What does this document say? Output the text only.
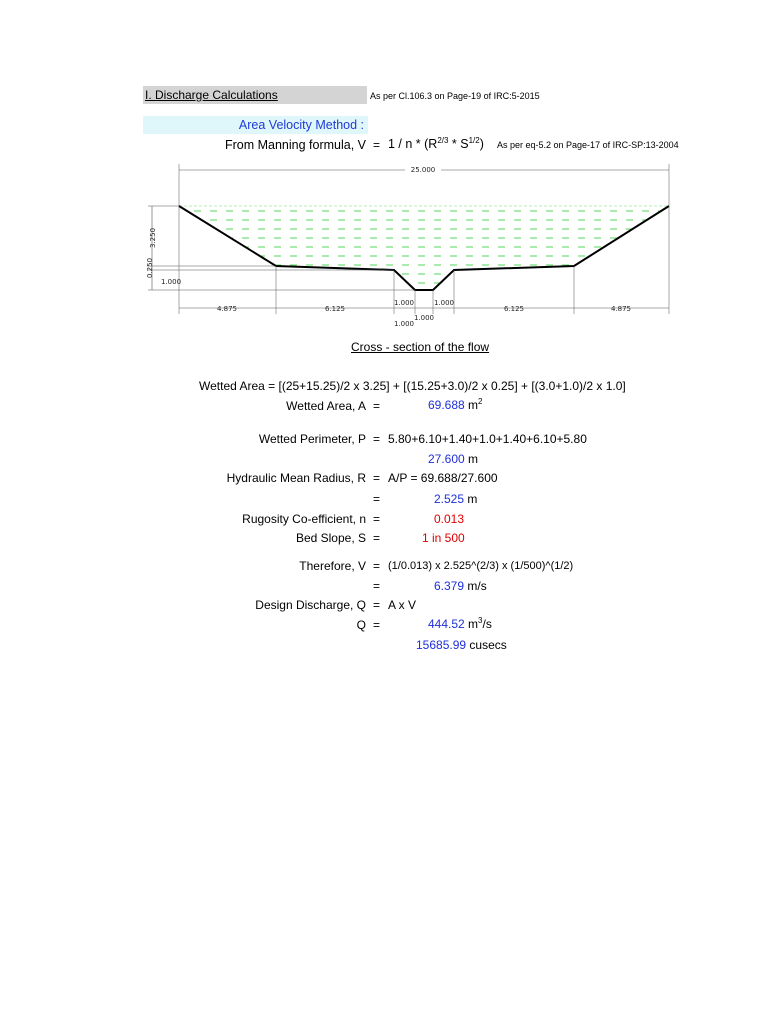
I. Discharge Calculations	As per Cl.106.3 on Page-19 of IRC:5-2015
Area Velocity Method :
From Manning formula, $V = 1 / n * (R^{2/3} * S^{1/2})$ As per eq-5.2 on Page-17 of IRC-SP:13-2004
25.000
3.250
0.250
1.000
4.875	6.125
1.000
1.000
1.000
6.125	4.875
1.000
Cross - section of the flow
Wetted Area = [(25+15.25)/2 x 3.25] + [(15.25+3.0)/2 x 0.25] + [(3.0+1.0)/2 x 1.0]
Wetted Area, A =	69.688 $m^2$
Wetted Perimeter, P = 5.80+6.10+1.40+1.0+1.40+6.10+5.80
27.600 m
Hydraulic Mean Radius, R = A/P = 69.688/27.600
=	2.525 m
Rugosity Co-efficient, n =	0.013
Bed Slope, S =	1 in 500
Therefore, V = (1/0.013) x 2.525^(2/3) x (1/500)^(1/2)
=	6.379 m/s
Design Discharge, Q = A x V
Q =	444.52 $m^3/s$
15685.99 cusecs
